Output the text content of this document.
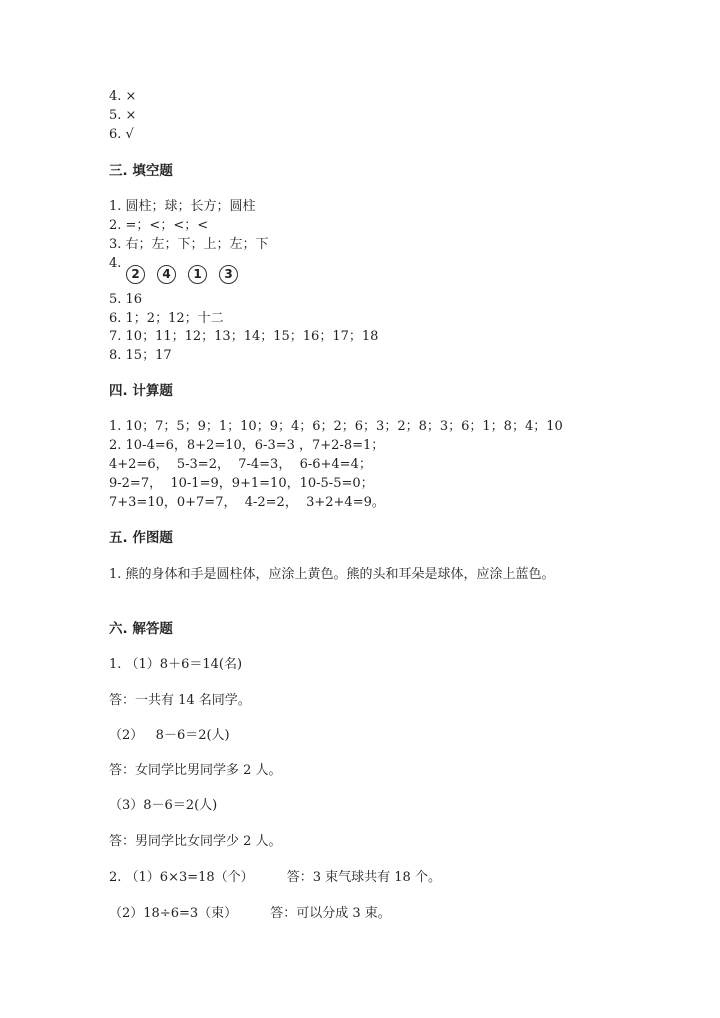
4. ×
5. ×
6. √
三. 填空题
1. 圆柱；球；长方；圆柱
2. =；<；<；<
3. 右；左；下；上；左；下
4.
2 4 1 3
5. 16
6. 1；2；12；十二
7. 10；11；12；13；14；15；16；17；18
8. 15；17
四. 计算题
1. 10；7；5；9；1；10；9；4；6；2；6；3；2；8；3；6；1；8；4；10
2. 10-4=6，8+2=10，6-3=3 ，7+2-8=1；
4+2=6，  5-3=2，  7-4=3，  6-6+4=4；
9-2=7，  10-1=9，9+1=10，10-5-5=0；
7+3=10，0+7=7，  4-2=2，  3+2+4=9。
五. 作图题
1. 熊的身体和手是圆柱体，应涂上黄色。熊的头和耳朵是球体，应涂上蓝色。
六. 解答题
1. （1）8＋6＝14(名)
答：一共有 14 名同学。
（2）   8－6＝2(人)
答：女同学比男同学多 2 人。
（3）8－6＝2(人)
答：男同学比女同学少 2 人。
2. （1）6×3=18（个）        答：3 束气球共有 18 个。
（2）18÷6=3（束）        答：可以分成 3 束。
